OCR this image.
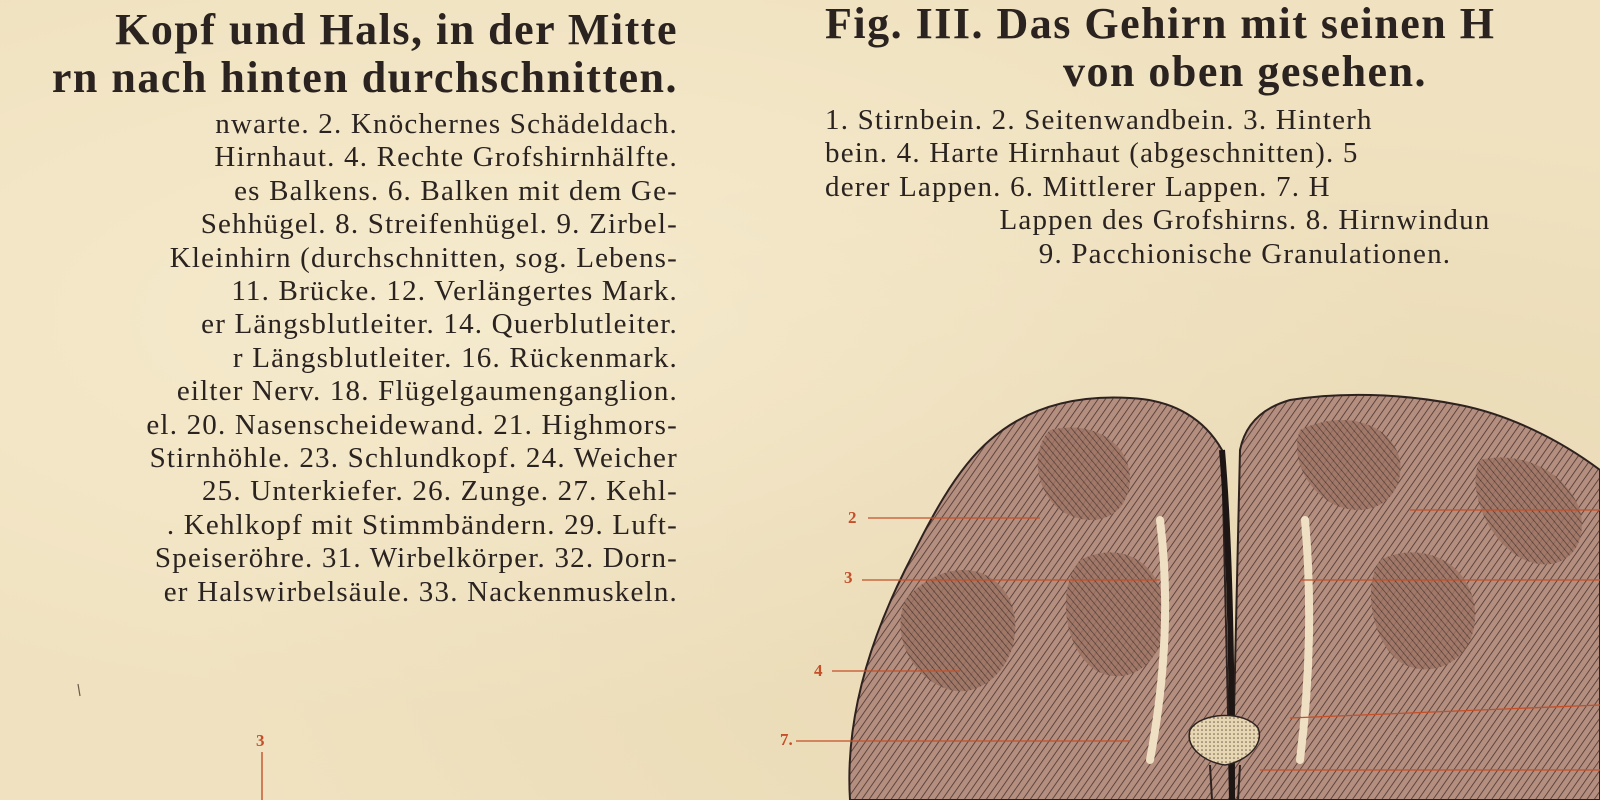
Kopf und Hals, in der Mitte
rn nach hinten durchschnitten.
nwarte. 2. Knöchernes Schädeldach.
Hirnhaut. 4. Rechte Grofshirnhälfte.
es Balkens. 6. Balken mit dem Ge-
Sehhügel. 8. Streifenhügel. 9. Zirbel-
Kleinhirn (durchschnitten, sog. Lebens-
11. Brücke. 12. Verlängertes Mark.
er Längsblutleiter. 14. Querblutleiter.
r Längsblutleiter. 16. Rückenmark.
eilter Nerv. 18. Flügelgaumenganglion.
el. 20. Nasenscheidewand. 21. Highmors-
Stirnhöhle. 23. Schlundkopf. 24. Weicher
25. Unterkiefer. 26. Zunge. 27. Kehl-
. Kehlkopf mit Stimmbändern. 29. Luft-
Speiseröhre. 31. Wirbelkörper. 32. Dorn-
er Halswirbelsäule. 33. Nackenmuskeln.
Fig. III. Das Gehirn mit seinen H
von oben gesehen.
1. Stirnbein. 2. Seitenwandbein. 3. Hinterh
bein. 4. Harte Hirnhaut (abgeschnitten). 5
derer Lappen. 6. Mittlerer Lappen. 7. H
Lappen des Grofshirns. 8. Hirnwindun
9. Pacchionische Granulationen.
3
2
3
4
7.
